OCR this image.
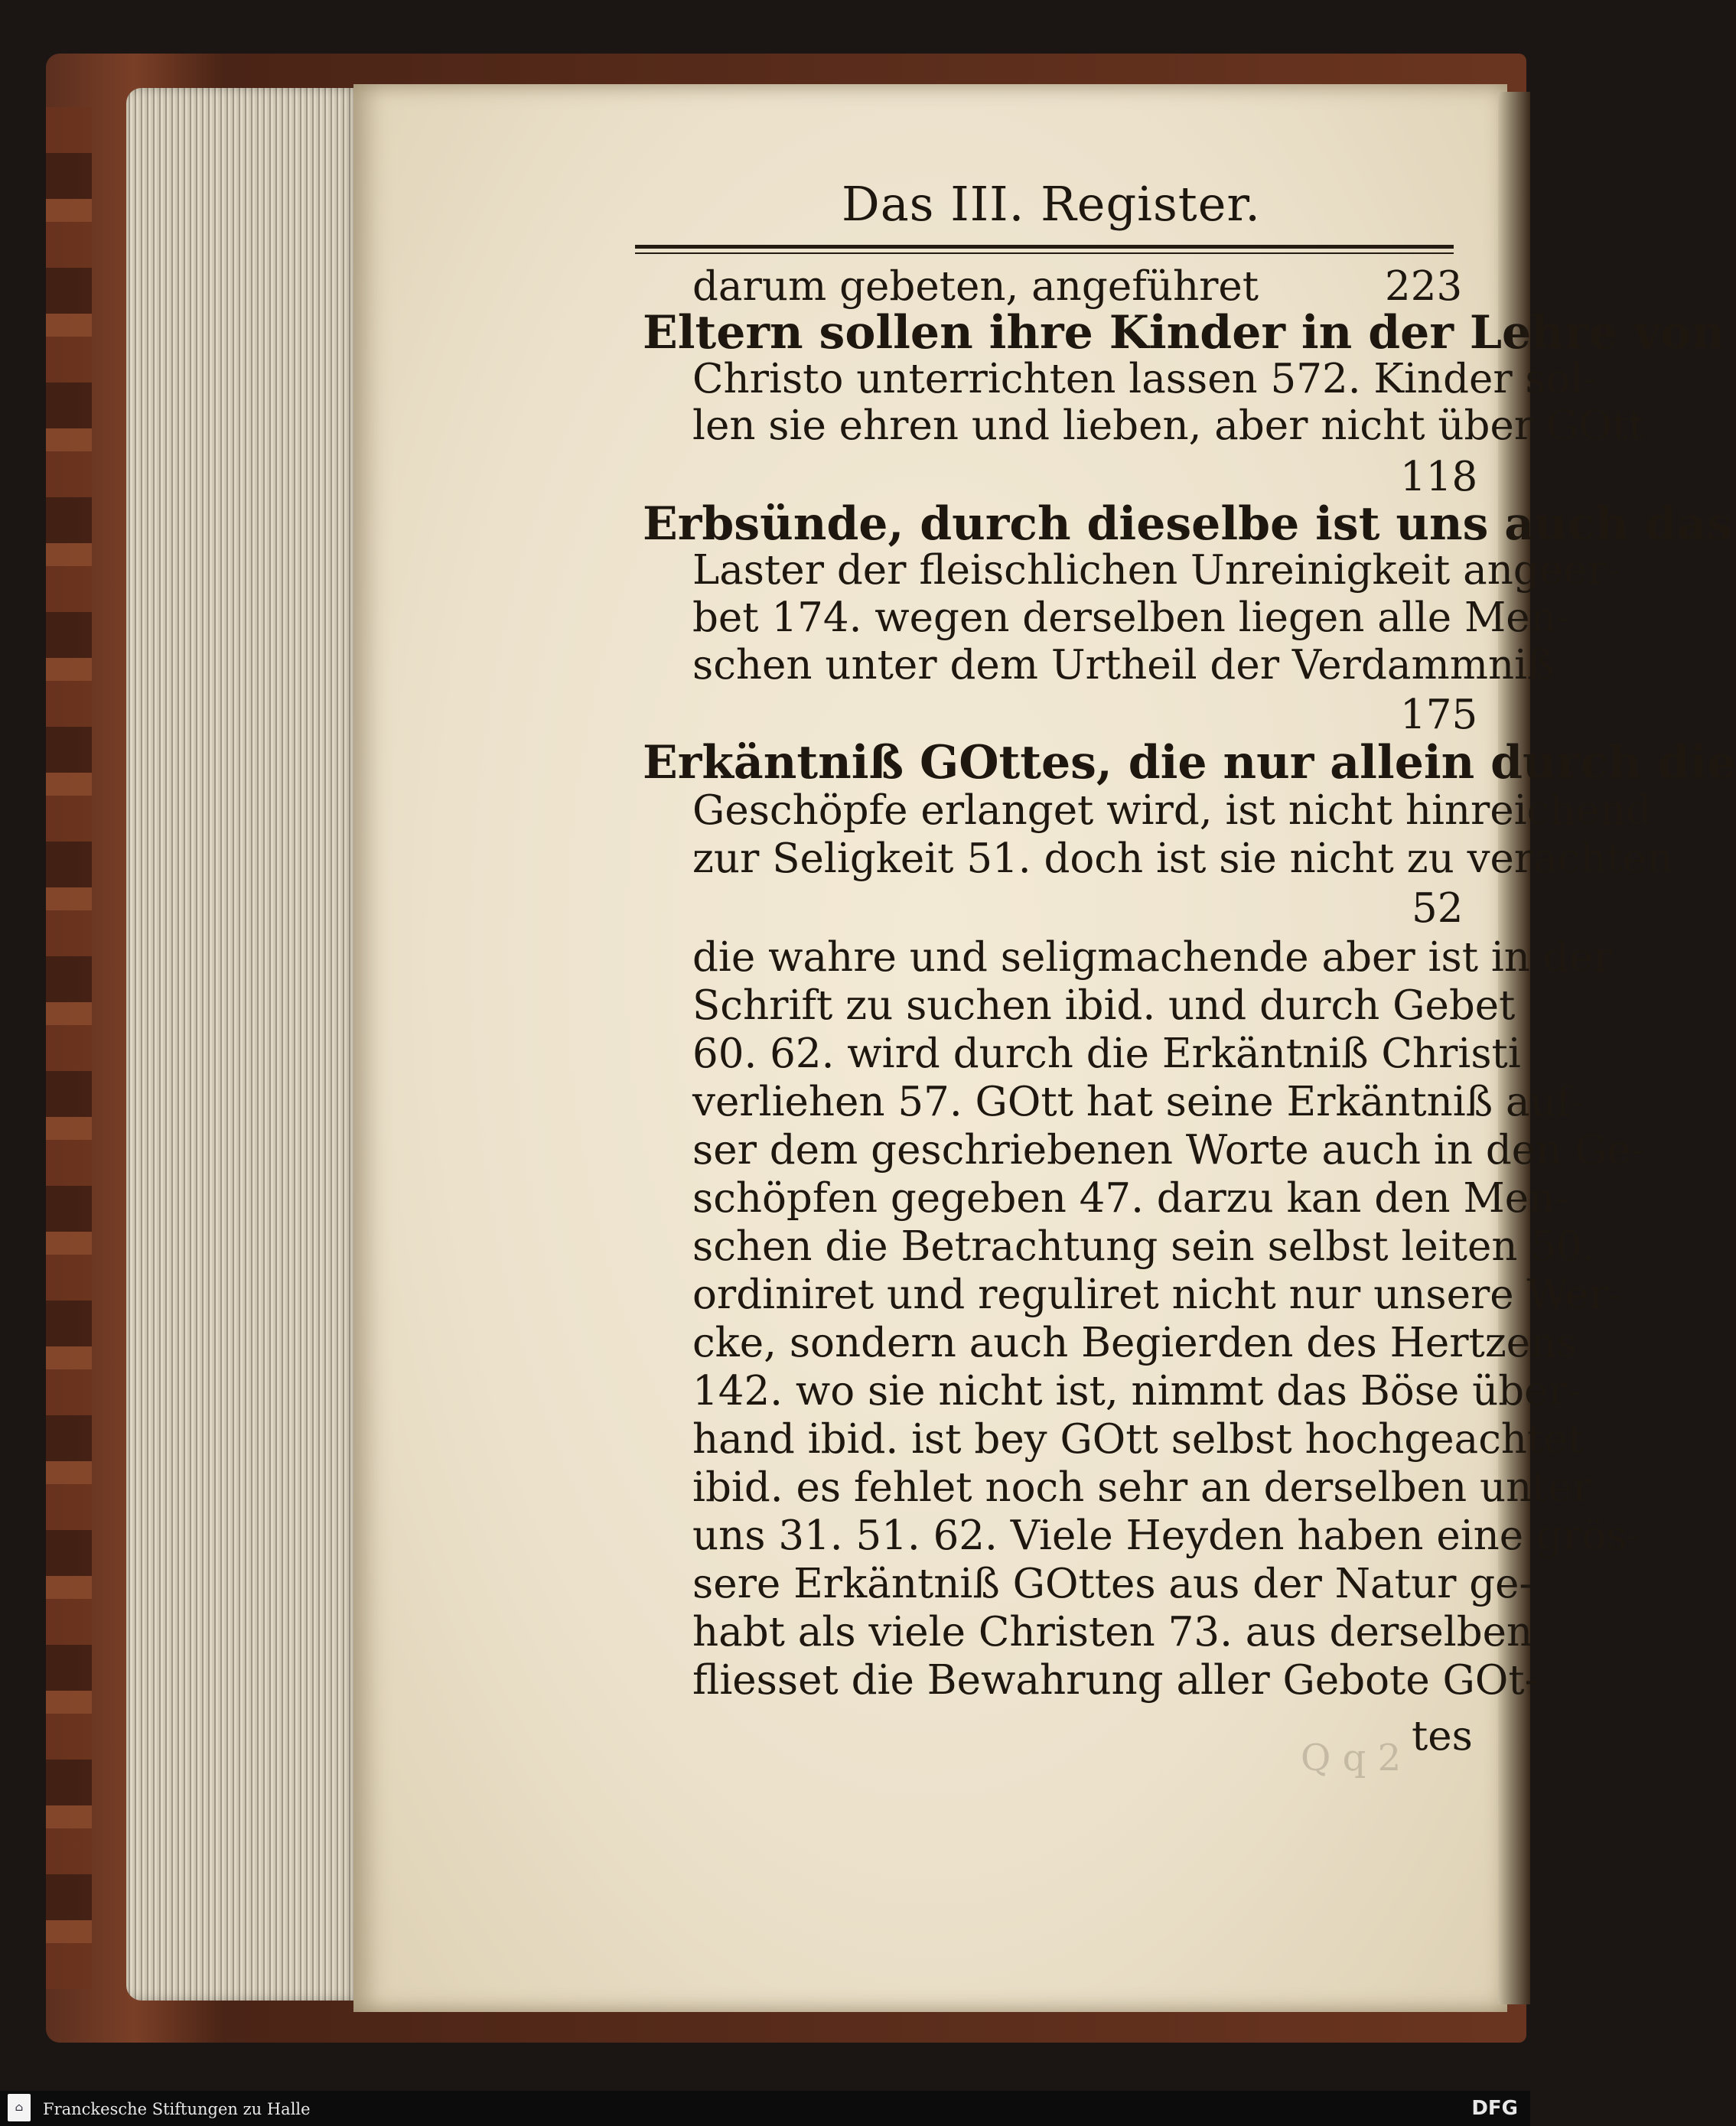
Das III. Register.
darum gebeten, angeführet	223
Eltern sollen ihre Kinder in der Lehre von
Christo unterrichten lassen 572. Kinder sol-
len sie ehren und lieben, aber nicht über GOtt
118
Erbsünde, durch dieselbe ist uns auch das
Laster der fleischlichen Unreinigkeit angeer-
bet 174. wegen derselben liegen alle Men-
schen unter dem Urtheil der Verdammniß
175
Erkäntniß GOttes, die nur allein durch die
Geschöpfe erlanget wird, ist nicht hinreichend
zur Seligkeit 51. doch ist sie nicht zu verachten
52
die wahre und seligmachende aber ist in der
Schrift zu suchen ibid. und durch Gebet
60. 62. wird durch die Erkäntniß Christi
verliehen 57. GOtt hat seine Erkäntniß auf-
ser dem geschriebenen Worte auch in den Ge-
schöpfen gegeben 47. darzu kan den Men-
schen die Betrachtung sein selbst leiten 50.
ordiniret und reguliret nicht nur unsere Wer-
cke, sondern auch Begierden des Hertzens
142. wo sie nicht ist, nimmt das Böse über-
hand ibid. ist bey GOtt selbst hochgeachtet
ibid. es fehlet noch sehr an derselben unter
uns 31. 51. 62. Viele Heyden haben eine grös-
sere Erkäntniß GOttes aus der Natur ge-
habt als viele Christen 73. aus derselben
fliesset die Bewahrung aller Gebote GOt-
tes
Q q 2
⌂	Franckesche Stiftungen zu Halle	DFG
